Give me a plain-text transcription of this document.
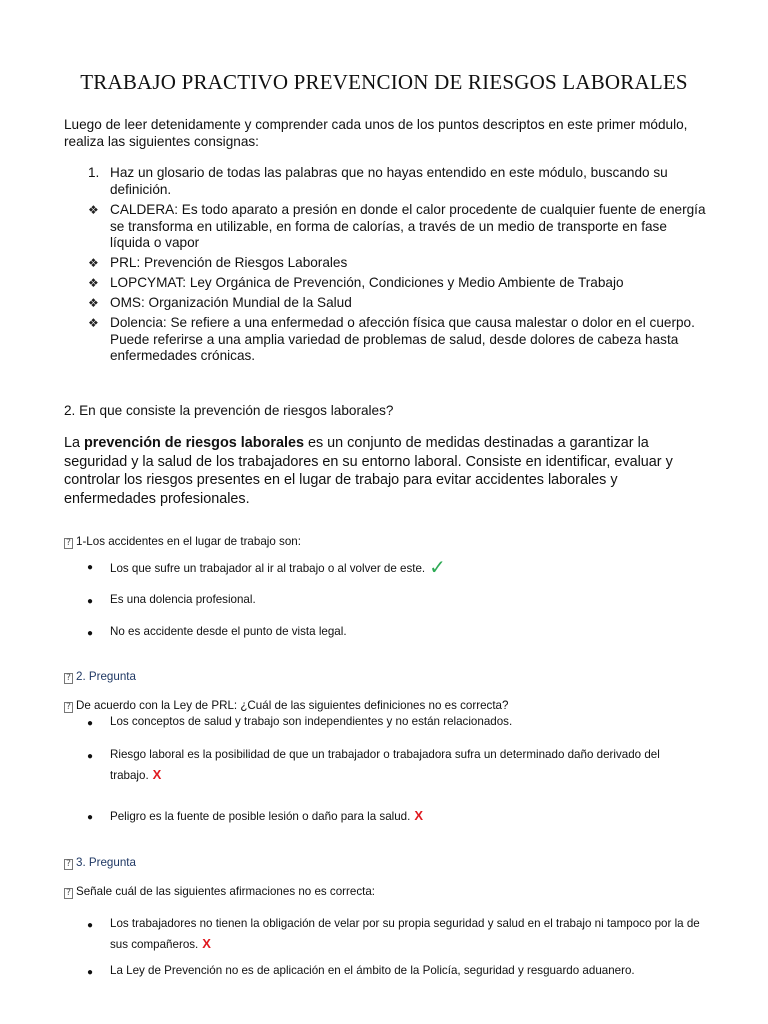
TRABAJO PRACTIVO PREVENCION DE RIESGOS LABORALES
Luego de leer detenidamente y comprender cada unos de los puntos descriptos en este primer módulo, realiza las siguientes consignas:
1. Haz un glosario de todas las palabras que no hayas entendido en este módulo, buscando su definición.
❖ CALDERA: Es todo aparato a presión en donde el calor procedente de cualquier fuente de energía se transforma en utilizable, en forma de calorías, a través de un medio de transporte en fase líquida o vapor
❖ PRL: Prevención de Riesgos Laborales
❖ LOPCYMAT: Ley Orgánica de Prevención, Condiciones y Medio Ambiente de Trabajo
❖ OMS: Organización Mundial de la Salud
❖ Dolencia: Se refiere a una enfermedad o afección física que causa malestar o dolor en el cuerpo. Puede referirse a una amplia variedad de problemas de salud, desde dolores de cabeza hasta enfermedades crónicas.
2. En que consiste la prevención de riesgos laborales?
La prevención de riesgos laborales es un conjunto de medidas destinadas a garantizar la seguridad y la salud de los trabajadores en su entorno laboral. Consiste en identificar, evaluar y controlar los riesgos presentes en el lugar de trabajo para evitar accidentes laborales y enfermedades profesionales.
? 1-Los accidentes en el lugar de trabajo son:
● Los que sufre un trabajador al ir al trabajo o al volver de este. ✓
● Es una dolencia profesional.
● No es accidente desde el punto de vista legal.
? 2. Pregunta
? De acuerdo con la Ley de PRL: ¿Cuál de las siguientes definiciones no es correcta?
● Los conceptos de salud y trabajo son independientes y no están relacionados.
● Riesgo laboral es la posibilidad de que un trabajador o trabajadora sufra un determinado daño derivado del trabajo. X
● Peligro es la fuente de posible lesión o daño para la salud. X
? 3. Pregunta
? Señale cuál de las siguientes afirmaciones no es correcta:
● Los trabajadores no tienen la obligación de velar por su propia seguridad y salud en el trabajo ni tampoco por la de sus compañeros. X
● La Ley de Prevención no es de aplicación en el ámbito de la Policía, seguridad y resguardo aduanero.
